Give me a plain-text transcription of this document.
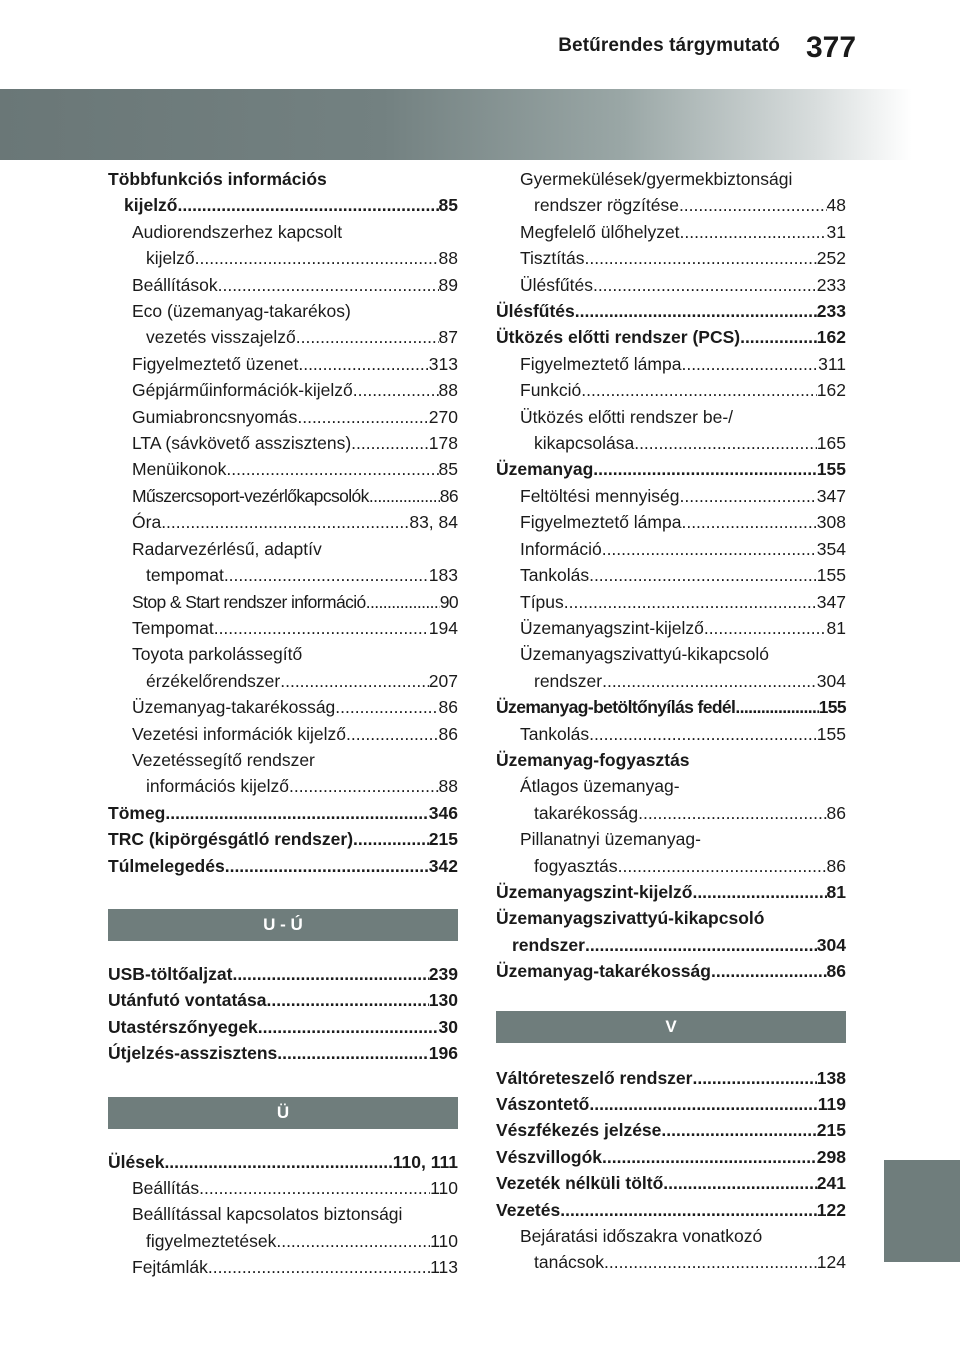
Betűrendes tárgymutató 377
Többfunkciós információs
kijelző .....	85
Audiorendszerhez kapcsolt
kijelző .....	88
Beállítások .....	89
Eco (üzemanyag-takarékos)
vezetés visszajelző .....	87
Figyelmeztető üzenet .....	313
Gépjárműinformációk-kijelző .....	88
Gumiabroncsnyomás .....	270
LTA (sávkövető asszisztens) .....	178
Menüikonok .....	85
Műszercsoport-vezérlőkapcsolók .....	86
Óra .....	83, 84
Radarvezérlésű, adaptív
tempomat .....	183
Stop & Start rendszer információ .....	90
Tempomat .....	194
Toyota parkolássegítő
érzékelőrendszer .....	207
Üzemanyag-takarékosság .....	86
Vezetési információk kijelző .....	86
Vezetéssegítő rendszer
információs kijelző .....	88
Tömeg .....	346
TRC (kipörgésgátló rendszer) .....	215
Túlmelegedés .....	342
U - Ú
USB-töltőaljzat .....	239
Utánfutó vontatása .....	130
Utastérszőnyegek .....	30
Útjelzés-asszisztens .....	196
Ü
Ülések .....	110, 111
Beállítás .....	110
Beállítással kapcsolatos biztonsági
figyelmeztetések .....	110
Fejtámlák .....	113
Gyermekülések/gyermekbiztonsági
rendszer rögzítése .....	48
Megfelelő ülőhelyzet .....	31
Tisztítás .....	252
Ülésfűtés .....	233
Ülésfűtés .....	233
Ütközés előtti rendszer (PCS) .....	162
Figyelmeztető lámpa .....	311
Funkció .....	162
Ütközés előtti rendszer be-/
kikapcsolása .....	165
Üzemanyag .....	155
Feltöltési mennyiség .....	347
Figyelmeztető lámpa .....	308
Információ .....	354
Tankolás .....	155
Típus .....	347
Üzemanyagszint-kijelző .....	81
Üzemanyagszivattyú-kikapcsoló
rendszer .....	304
Üzemanyag-betöltőnyílás fedél .....	155
Tankolás .....	155
Üzemanyag-fogyasztás
Átlagos üzemanyag-
takarékosság .....	86
Pillanatnyi üzemanyag-
fogyasztás .....	86
Üzemanyagszint-kijelző .....	81
Üzemanyagszivattyú-kikapcsoló
rendszer .....	304
Üzemanyag-takarékosság .....	86
V
Váltóreteszelő rendszer .....	138
Vászontető .....	119
Vészfékezés jelzése .....	215
Vészvillogók .....	298
Vezeték nélküli töltő .....	241
Vezetés .....	122
Bejáratási időszakra vonatkozó
tanácsok .....	124
